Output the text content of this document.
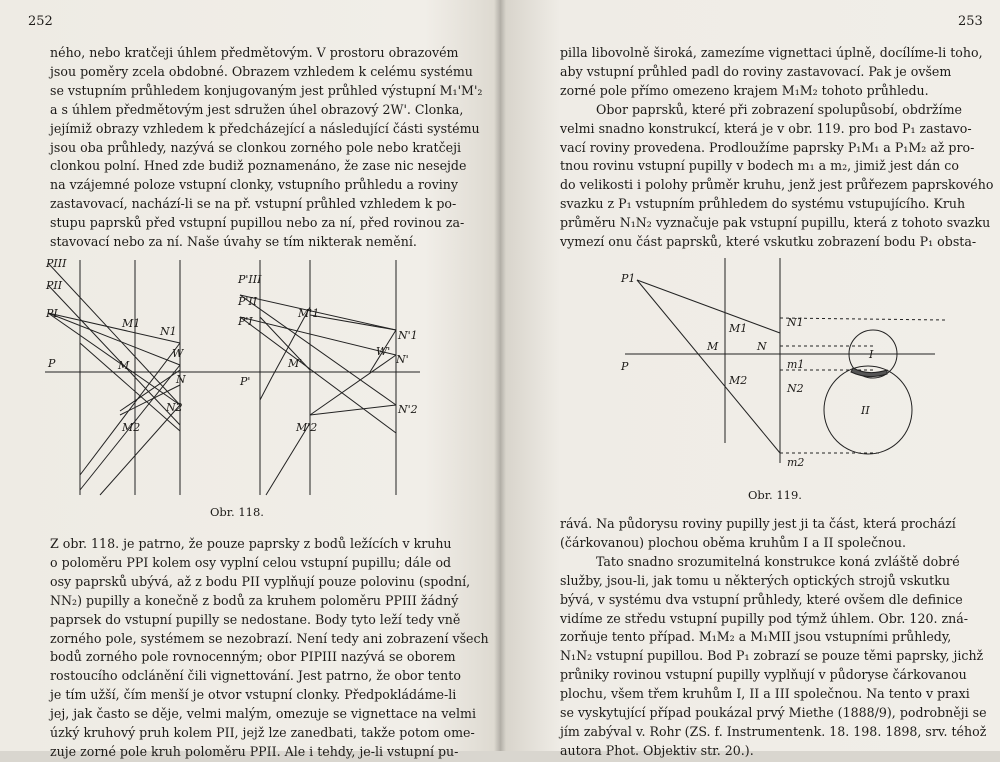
252
ného, nebo kratčeji úhlem předmětovým. V prostoru obrazovém
jsou poměry zcela obdobné. Obrazem vzhledem k celému systému
se vstupním průhledem konjugovaným jest průhled výstupní M₁'M'₂
a s úhlem předmětovým jest sdružen úhel obrazový 2W'. Clonka,
jejímiž obrazy vzhledem k předcházející a následující části systému
jsou oba průhledy, nazývá se clonkou zorného pole nebo kratčeji
clonkou polní. Hned zde budiž poznamenáno, že zase nic nesejde
na vzájemné poloze vstupní clonky, vstupního průhledu a roviny
zastavovací, nachází-li se na př. vstupní průhled vzhledem k po-
stupu paprsků před vstupní pupillou nebo za ní, před rovinou za-
stavovací nebo za ní. Naše úvahy se tím nikterak nemění.
PIII
PII
PI
P
M1
M
M2
N1
N
N2
W
P'III
P'II
P'I
P'
M'1
M'
M'2
N'1
N'
N'2
W'
Obr. 118.
Z obr. 118. je patrno, že pouze paprsky z bodů ležících v kruhu
o poloměru PPI kolem osy vyplní celou vstupní pupillu; dále od
osy paprsků ubývá, až z bodu PII vyplňují pouze polovinu (spodní,
NN₂) pupilly a konečně z bodů za kruhem poloměru PPIII žádný
paprsek do vstupní pupilly se nedostane. Body tyto leží tedy vně
zorného pole, systémem se nezobrazí. Není tedy ani zobrazení všech
bodů zorného pole rovnocenným; obor PIPIII nazývá se oborem
rostoucího odclánění čili vignettování. Jest patrno, že obor tento
je tím užší, čím menší je otvor vstupní clonky. Předpokládáme-li
jej, jak často se děje, velmi malým, omezuje se vignettace na velmi
úzký kruhový pruh kolem PII, jejž lze zanedbati, takže potom ome-
zuje zorné pole kruh poloměru PPII. Ale i tehdy, je-li vstupní pu-
253
pilla libovolně široká, zamezíme vignettaci úplně, docílíme-li toho,
aby vstupní průhled padl do roviny zastavovací. Pak je ovšem
zorné pole přímo omezeno krajem M₁M₂ tohoto průhledu.
Obor paprsků, které při zobrazení spolupůsobí, obdržíme
velmi snadno konstrukcí, která je v obr. 119. pro bod P₁ zastavo-
vací roviny provedena. Prodloužíme paprsky P₁M₁ a P₁M₂ až pro-
tnou rovinu vstupní pupilly v bodech m₁ a m₂, jimiž jest dán co
do velikosti i polohy průměr kruhu, jenž jest průřezem paprskového
svazku z P₁ vstupním průhledem do systému vstupujícího. Kruh
průměru N₁N₂ vyznačuje pak vstupní pupillu, která z tohoto svazku
vymezí onu část paprsků, které vskutku zobrazení bodu P₁ obsta-
P1
P
M1
M
M2
N1
N
m1
N2
m2
I
II
Obr. 119.
rává. Na půdorysu roviny pupilly jest ji ta část, která prochází
(čárkovanou) plochou oběma kruhům I a II společnou.
Tato snadno srozumitelná konstrukce koná zvláště dobré
služby, jsou-li, jak tomu u některých optických strojů vskutku
bývá, v systému dva vstupní průhledy, které ovšem dle definice
vidíme ze středu vstupní pupilly pod týmž úhlem. Obr. 120. zná-
zorňuje tento případ. M₁M₂ a M₁MII jsou vstupními průhledy,
N₁N₂ vstupní pupillou. Bod P₁ zobrazí se pouze těmi paprsky, jichž
průniky rovinou vstupní pupilly vyplňují v půdoryse čárkovanou
plochu, všem třem kruhům I, II a III společnou. Na tento v praxi
se vyskytující případ poukázal prvý Miethe (1888/9), podrobněji se
jím zabýval v. Rohr (ZS. f. Instrumentenk. 18. 198. 1898, srv. téhož
autora Phot. Objektiv str. 20.).
